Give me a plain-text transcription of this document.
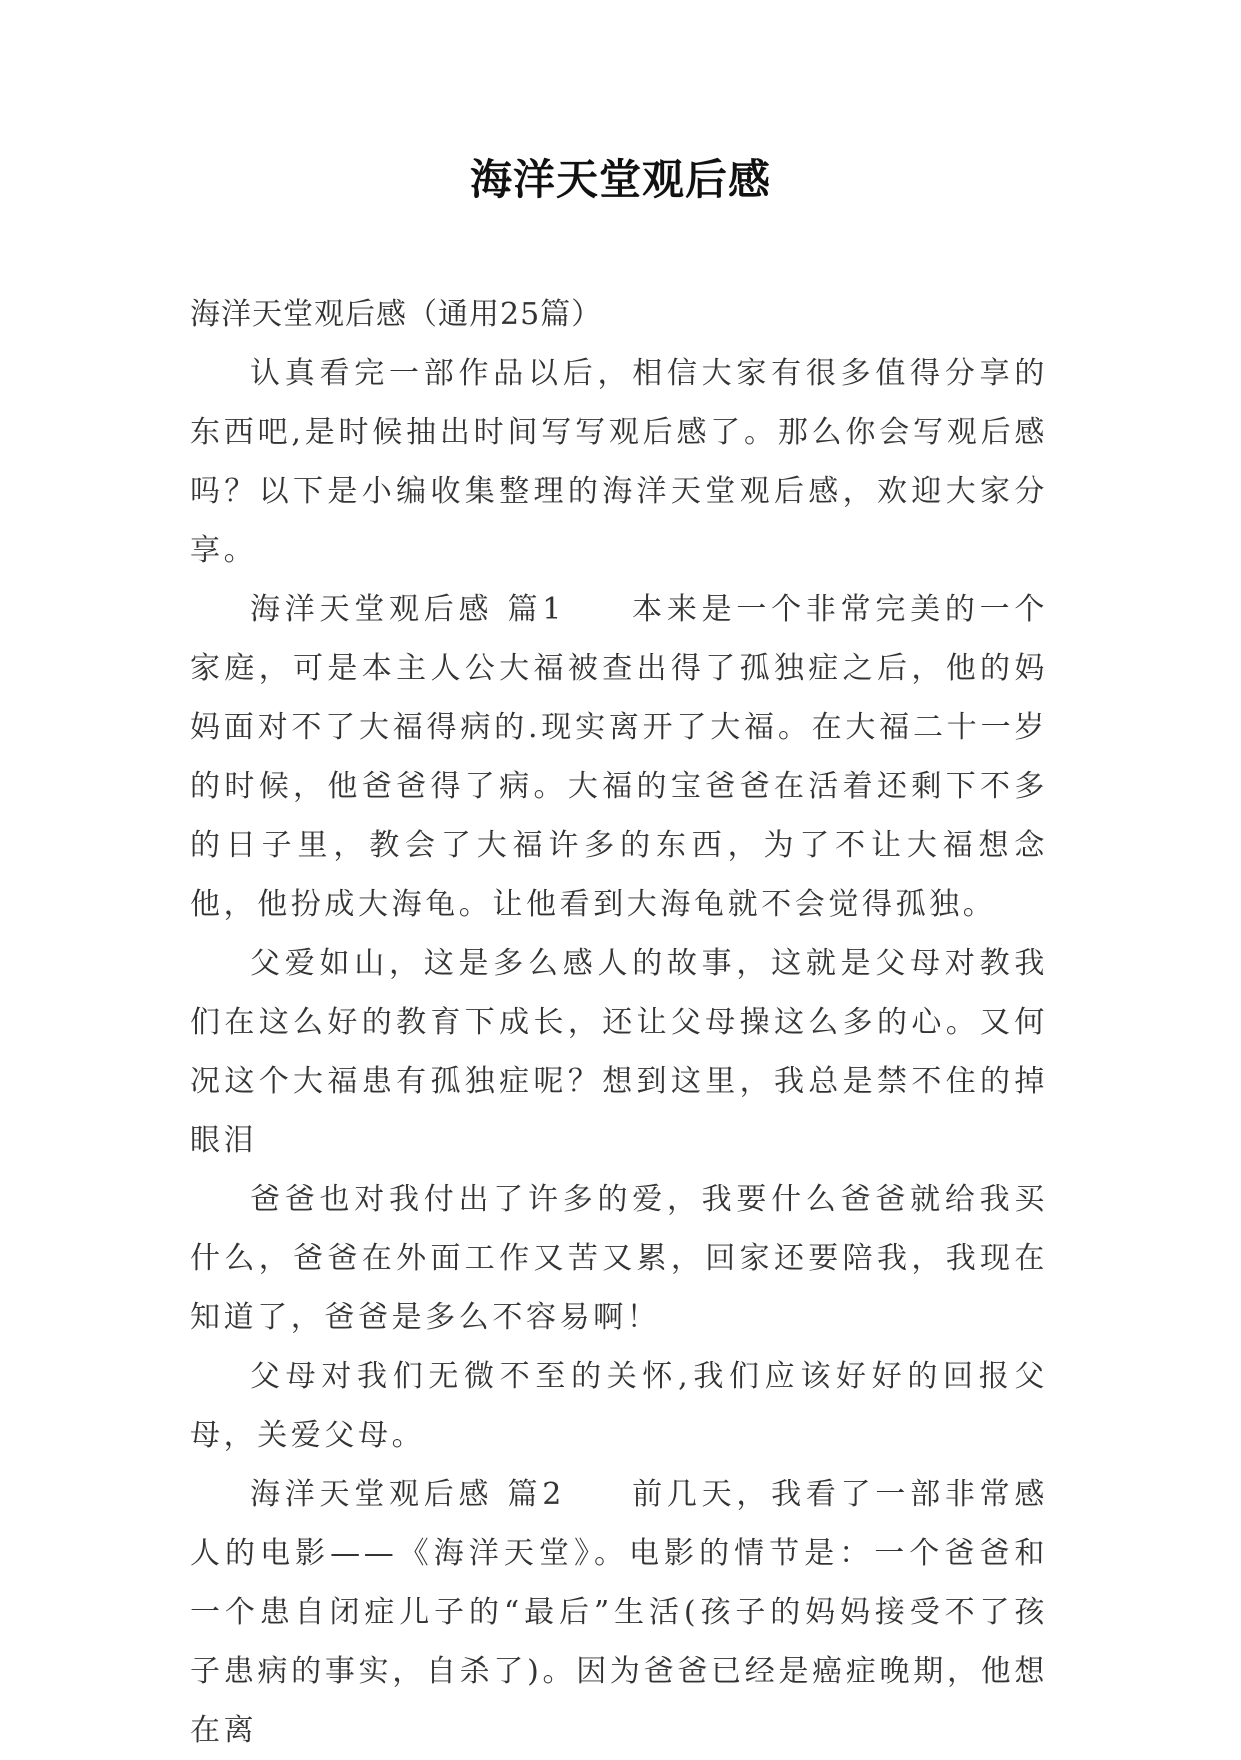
海洋天堂观后感

海洋天堂观后感（通用25篇）

认真看完一部作品以后，相信大家有很多值得分享的东西吧,是时候抽出时间写写观后感了。那么你会写观后感吗？以下是小编收集整理的海洋天堂观后感，欢迎大家分享。

海洋天堂观后感 篇1 本来是一个非常完美的一个家庭，可是本主人公大福被查出得了孤独症之后，他的妈妈面对不了大福得病的.现实离开了大福。在大福二十一岁的时候，他爸爸得了病。大福的宝爸爸在活着还剩下不多的日子里，教会了大福许多的东西，为了不让大福想念他，他扮成大海龟。让他看到大海龟就不会觉得孤独。

父爱如山，这是多么感人的故事，这就是父母对教我们在这么好的教育下成长，还让父母操这么多的心。又何况这个大福患有孤独症呢？想到这里，我总是禁不住的掉眼泪

爸爸也对我付出了许多的爱，我要什么爸爸就给我买什么，爸爸在外面工作又苦又累，回家还要陪我，我现在知道了，爸爸是多么不容易啊！

父母对我们无微不至的关怀,我们应该好好的回报父母，关爱父母。

海洋天堂观后感 篇2 前几天，我看了一部非常感人的电影——《海洋天堂》。电影的情节是：一个爸爸和一个患自闭症儿子的“最后”生活(孩子的妈妈接受不了孩子患病的事实，自杀了)。因为爸爸已经是癌症晚期，他想在离
